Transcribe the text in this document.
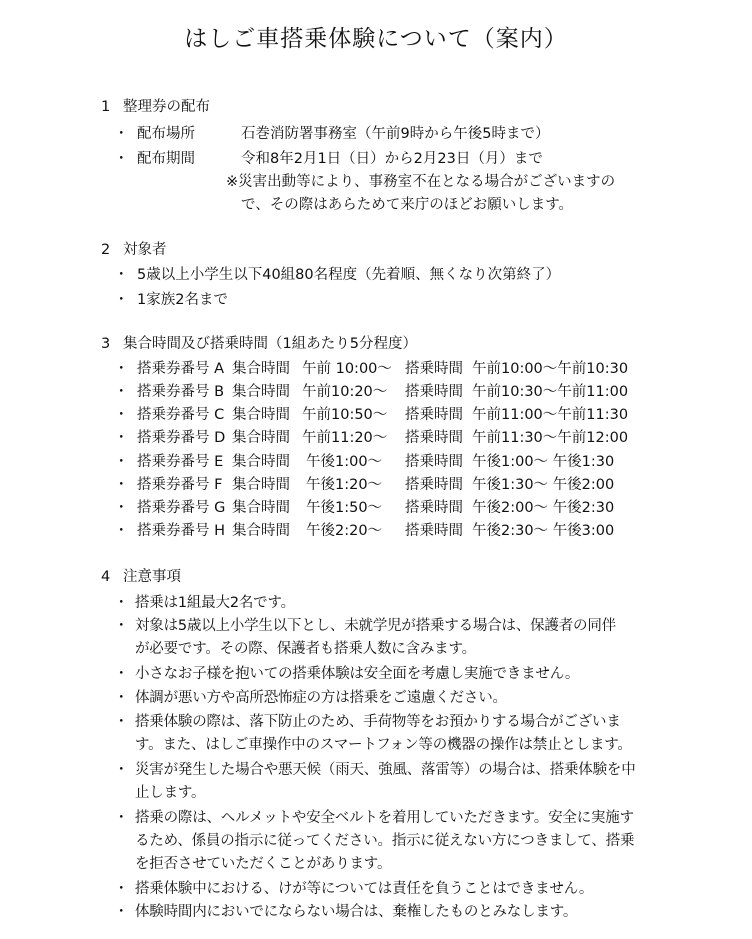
はしご車搭乗体験について（案内）
1 整理券の配布
・ 配布場所	石巻消防署事務室（午前9時から午後5時まで）
・ 配布期間	令和8年2月1日（日）から2月23日（月）まで
※災害出動等により、事務室不在となる場合がございますの
で、その際はあらためて来庁のほどお願いします。
2 対象者
・ 5歳以上小学生以下40組80名程度（先着順、無くなり次第終了）
・ 1家族2名まで
3 集合時間及び搭乗時間（1組あたり5分程度）
・ 搭乗券番号 A 集合時間 午前 10:00～ 搭乗時間 午前10:00～午前10:30
・ 搭乗券番号 B 集合時間 午前10:20～ 搭乗時間 午前10:30～午前11:00
・ 搭乗券番号 C 集合時間 午前10:50～ 搭乗時間 午前11:00～午前11:30
・ 搭乗券番号 D 集合時間 午前11:20～ 搭乗時間 午前11:30～午前12:00
・ 搭乗券番号 E 集合時間 午後1:00～ 搭乗時間 午後1:00～ 午後1:30
・ 搭乗券番号 F 集合時間 午後1:20～ 搭乗時間 午後1:30～ 午後2:00
・ 搭乗券番号 G 集合時間 午後1:50～ 搭乗時間 午後2:00～ 午後2:30
・ 搭乗券番号 H 集合時間 午後2:20～ 搭乗時間 午後2:30～ 午後3:00
4 注意事項
・ 搭乗は1組最大2名です。
・ 対象は5歳以上小学生以下とし、未就学児が搭乗する場合は、保護者の同伴
が必要です。その際、保護者も搭乗人数に含みます。
・ 小さなお子様を抱いての搭乗体験は安全面を考慮し実施できません。
・ 体調が悪い方や高所恐怖症の方は搭乗をご遠慮ください。
・ 搭乗体験の際は、落下防止のため、手荷物等をお預かりする場合がございま
す。また、はしご車操作中のスマートフォン等の機器の操作は禁止とします。
・ 災害が発生した場合や悪天候（雨天、強風、落雷等）の場合は、搭乗体験を中
止します。
・ 搭乗の際は、ヘルメットや安全ベルトを着用していただきます。安全に実施す
るため、係員の指示に従ってください。指示に従えない方につきまして、搭乗
を拒否させていただくことがあります。
・ 搭乗体験中における、けが等については責任を負うことはできません。
・ 体験時間内においでにならない場合は、棄権したものとみなします。
